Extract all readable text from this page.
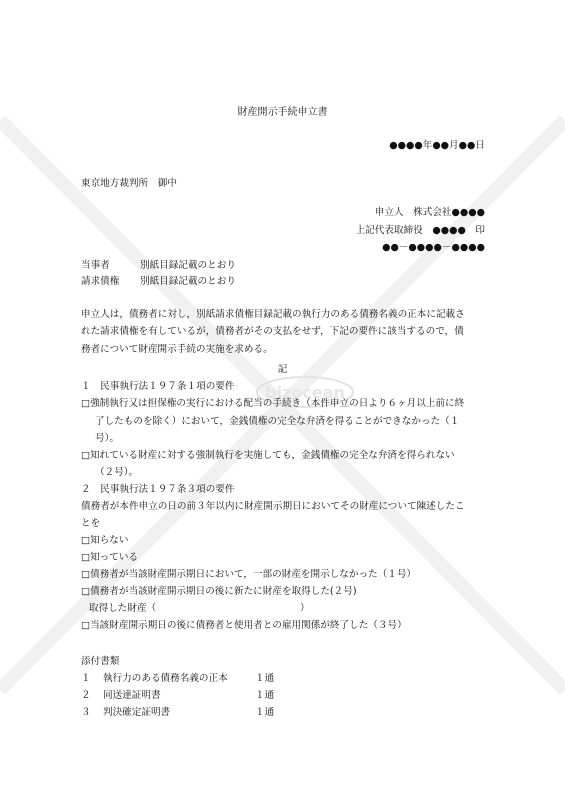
bizocean
財産開示手続申立書
●●●●年●●月●●日
東京地方裁判所　御中
申立人　株式会社●●●●
上記代表取締役　●●●●　印
●●－●●●●－●●●●
当事者	別紙目録記載のとおり
請求債権 別紙目録記載のとおり
申立人は，債務者に対し，別紙請求債権目録記載の執行力のある債務名義の正本に記載さ
れた請求債権を有しているが，債務者がその支払をせず，下記の要件に該当するので，債
務者について財産開示手続の実施を求める。
記
１　民事執行法１９７条１項の要件
□強制執行又は担保権の実行における配当の手続き（本件申立の日より６ヶ月以上前に終
了したものを除く）において，金銭債権の完全な弁済を得ることができなかった（１
号）。
□知れている財産に対する強制執行を実施しても，金銭債権の完全な弁済を得られない
（２号）。
２　民事執行法１９７条３項の要件
債務者が本件申立の日の前３年以内に財産開示期日においてその財産について陳述したこ
とを
□知らない
□知っている
□債務者が当該財産開示期日において，一部の財産を開示しなかった（１号）
□債務者が当該財産開示期日の後に新たに財産を取得した(２号)
取得した財産（	）
□当該財産開示期日の後に債務者と使用者との雇用関係が終了した（３号）
添付書類
１ 執行力のある債務名義の正本	１通
２ 同送達証明書	１通
３ 判決確定証明書	１通
